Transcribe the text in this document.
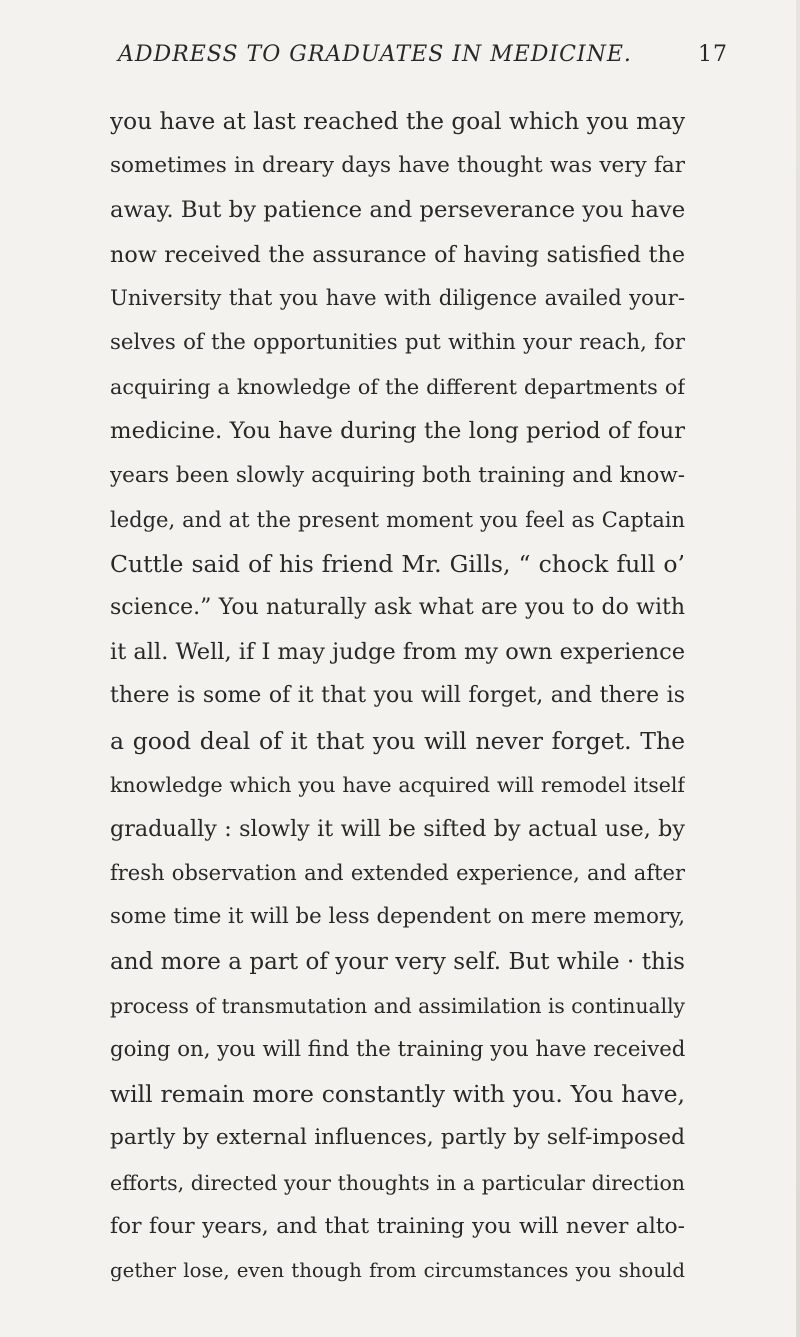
ADDRESS TO GRADUATES IN MEDICINE.	17
you have at last reached the goal which you may
sometimes in dreary days have thought was very far
away. But by patience and perseverance you have
now received the assurance of having satisfied the
University that you have with diligence availed your-
selves of the opportunities put within your reach, for
acquiring a knowledge of the different departments of
medicine. You have during the long period of four
years been slowly acquiring both training and know-
ledge, and at the present moment you feel as Captain
Cuttle said of his friend Mr. Gills, “ chock full o’
science.” You naturally ask what are you to do with
it all. Well, if I may judge from my own experience
there is some of it that you will forget, and there is
a good deal of it that you will never forget. The
knowledge which you have acquired will remodel itself
gradually : slowly it will be sifted by actual use, by
fresh observation and extended experience, and after
some time it will be less dependent on mere memory,
and more a part of your very self. But while · this
process of transmutation and assimilation is continually
going on, you will find the training you have received
will remain more constantly with you. You have,
partly by external influences, partly by self-imposed
efforts, directed your thoughts in a particular direction
for four years, and that training you will never alto-
gether lose, even though from circumstances you should
